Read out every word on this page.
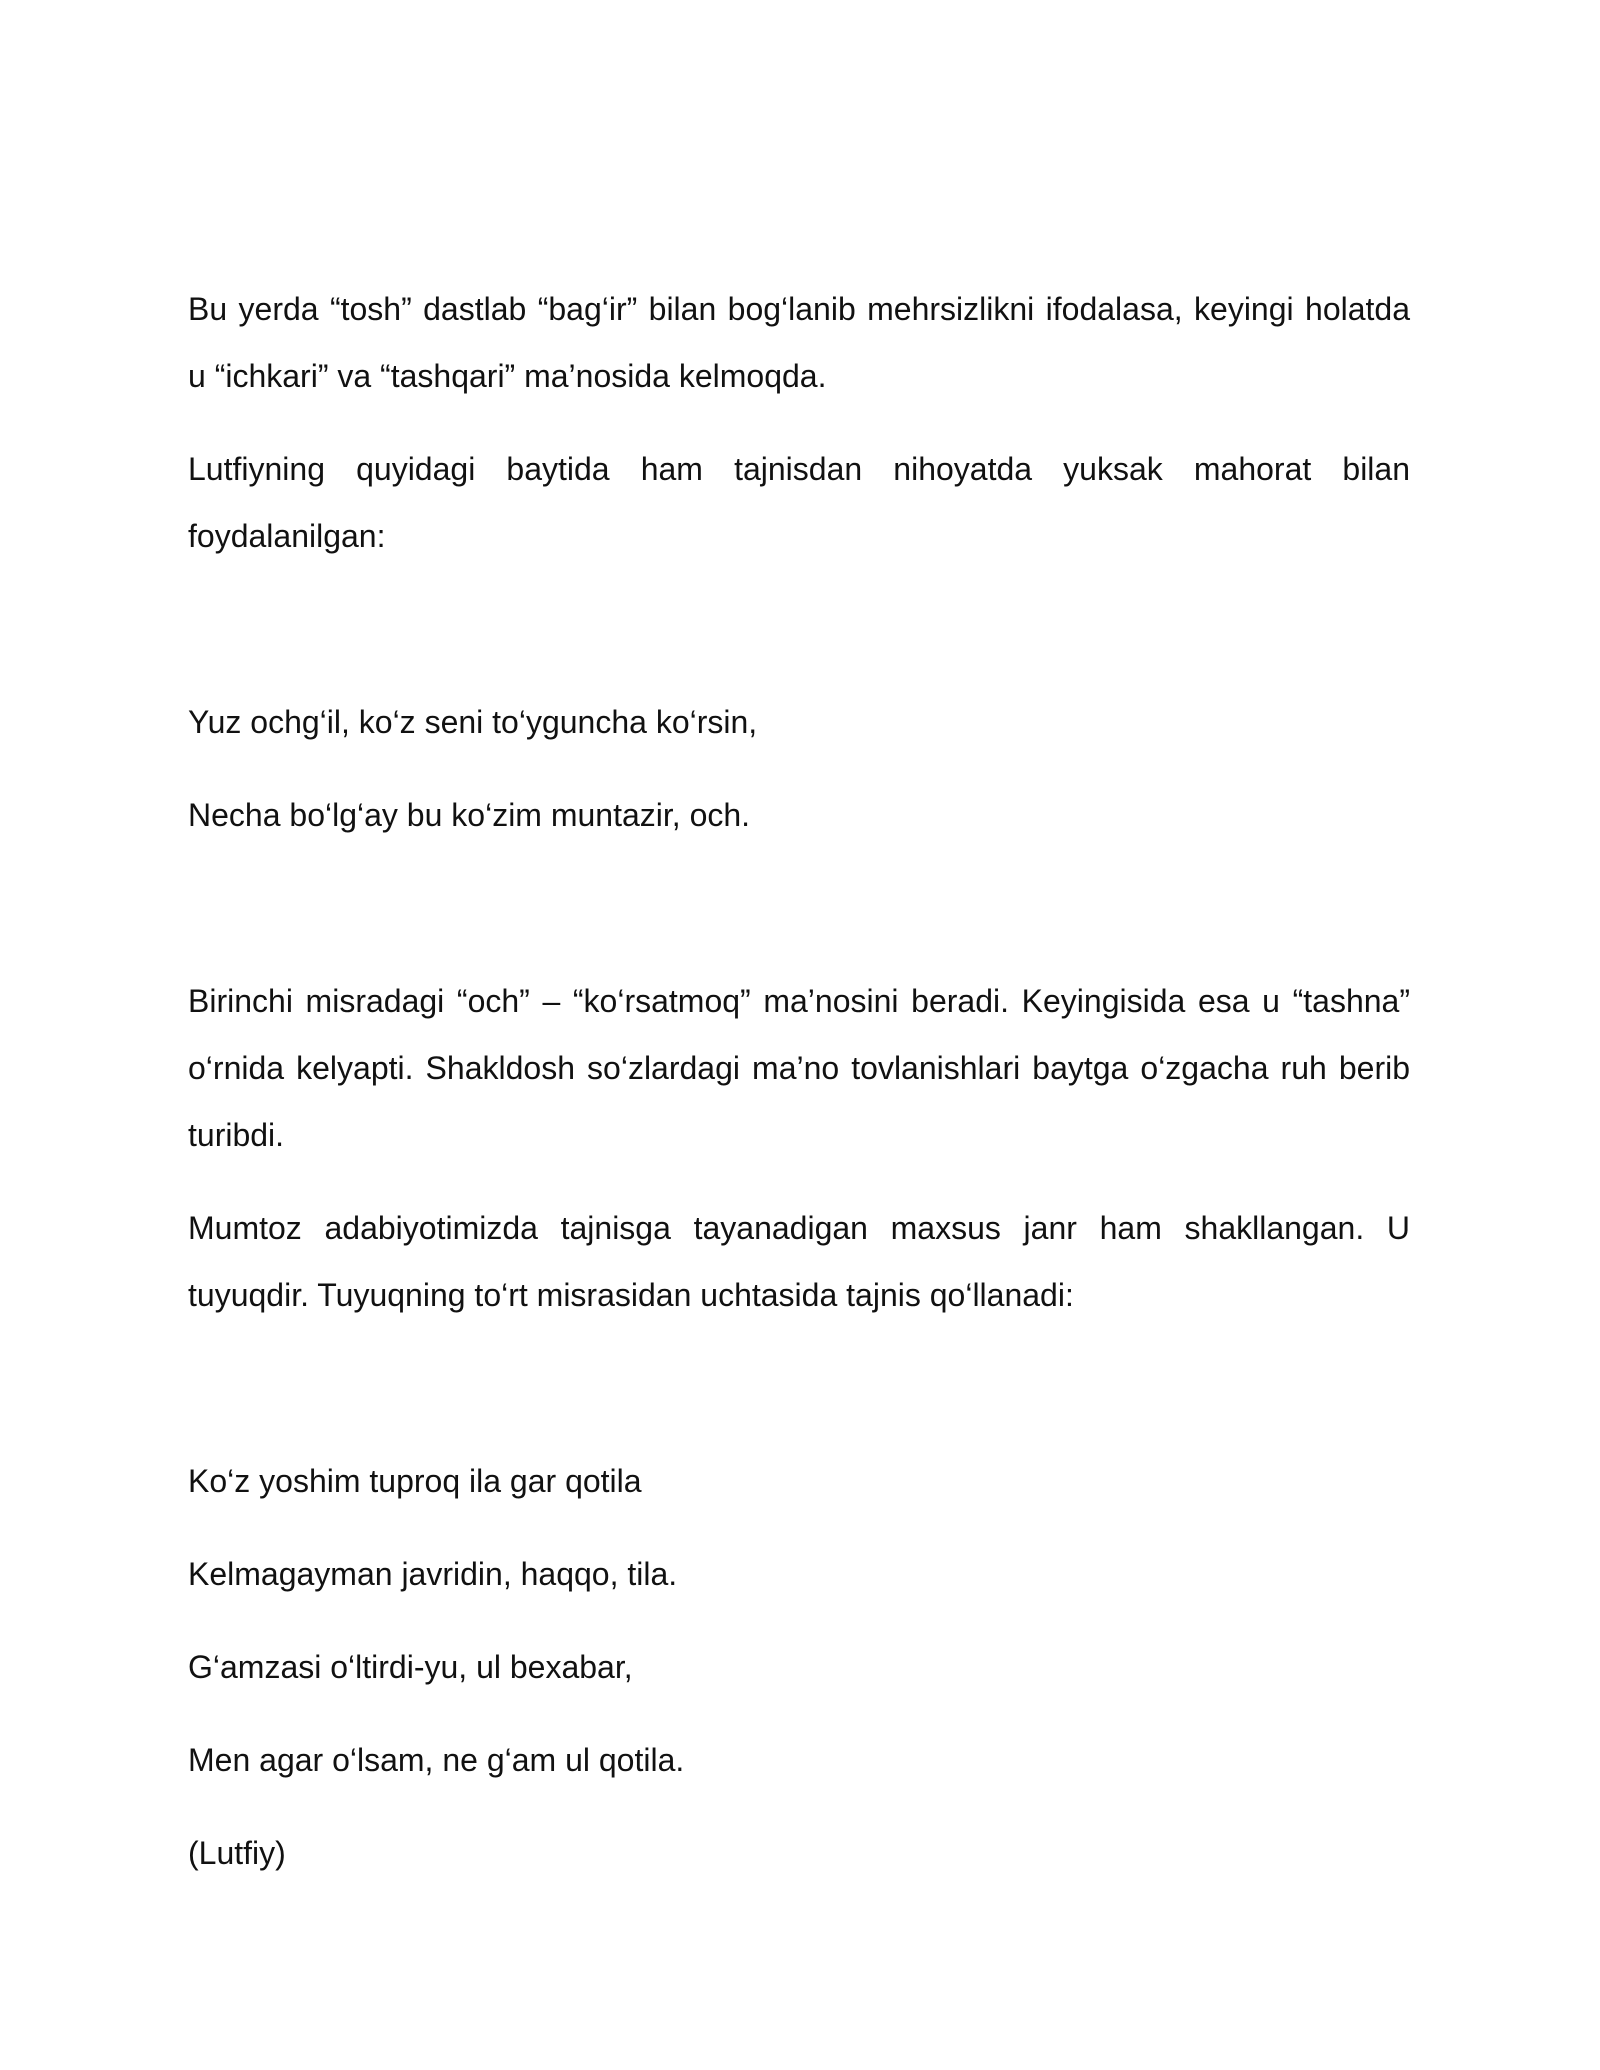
Bu yerda “tosh” dastlab “bag‘ir” bilan bog‘lanib mehrsizlikni ifodalasa, keyingi holatda u “ichkari” va “tashqari” ma’nosida kelmoqda.

Lutfiyning quyidagi baytida ham tajnisdan nihoyatda yuksak mahorat bilan foydalanilgan:

Yuz ochg‘il, ko‘z seni to‘yguncha ko‘rsin,

Necha bo‘lg‘ay bu ko‘zim muntazir, och.

Birinchi misradagi “och” – “ko‘rsatmoq” ma’nosini beradi. Keyingisida esa u “tashna” o‘rnida kelyapti. Shakldosh so‘zlardagi ma’no tovlanishlari baytga o‘zgacha ruh berib turibdi.

Mumtoz adabiyotimizda tajnisga tayanadigan maxsus janr ham shakllangan. U tuyuqdir. Tuyuqning to‘rt misrasidan uchtasida tajnis qo‘llanadi:

Ko‘z yoshim tuproq ila gar qotila

Kelmagayman javridin, haqqo, tila.

G‘amzasi o‘ltirdi-yu, ul bexabar,

Men agar o‘lsam, ne g‘am ul qotila.

(Lutfiy)
